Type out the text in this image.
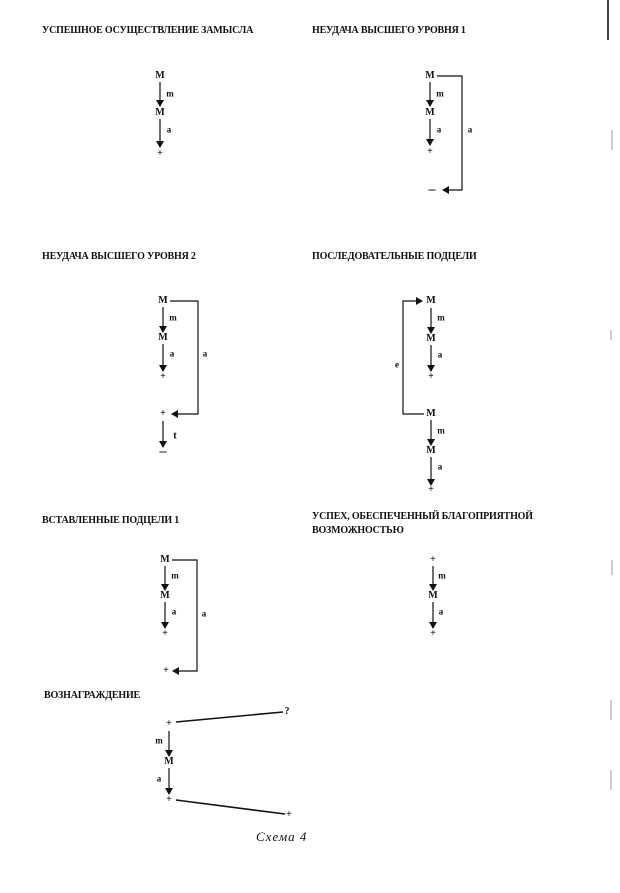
УСПЕШНОЕ ОСУЩЕСТВЛЕНИЕ ЗАМЫСЛА
M
M
+
m
a
НЕУДАЧА ВЫСШЕГО УРОВНЯ 1
M
M
+
–
m
a	a
НЕУДАЧА ВЫСШЕГО УРОВНЯ 2
M
M
+
+
–
m
a	a
t
ПОСЛЕДОВАТЕЛЬНЫЕ ПОДЦЕЛИ
M
M
+
M
M
+
m
a
e
m
a
ВСТАВЛЕННЫЕ ПОДЦЕЛИ 1
M
M
+
+
m
a	a
УСПЕХ, ОБЕСПЕЧЕННЫЙ БЛАГОПРИЯТНОЙ
ВОЗМОЖНОСТЬЮ
+
M
+
m
a
ВОЗНАГРАЖДЕНИЕ
+
M
+
?
+
m
a
Схема 4
